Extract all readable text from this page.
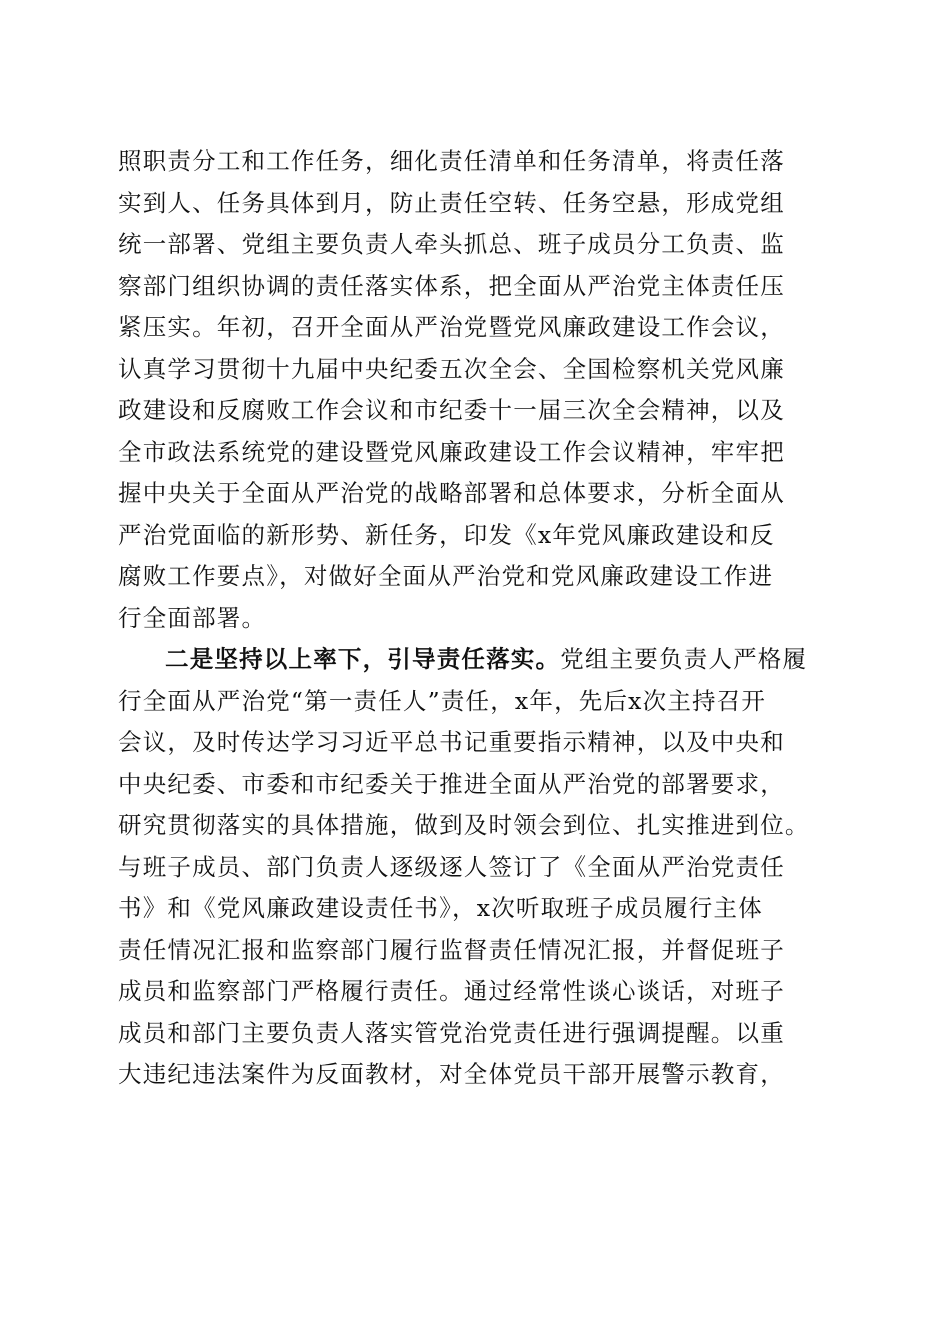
照职责分工和工作任务，细化责任清单和任务清单，将责任落
实到人、任务具体到月，防止责任空转、任务空悬，形成党组
统一部署、党组主要负责人牵头抓总、班子成员分工负责、监
察部门组织协调的责任落实体系，把全面从严治党主体责任压
紧压实。年初，召开全面从严治党暨党风廉政建设工作会议，
认真学习贯彻十九届中央纪委五次全会、全国检察机关党风廉
政建设和反腐败工作会议和市纪委十一届三次全会精神，以及
全市政法系统党的建设暨党风廉政建设工作会议精神，牢牢把
握中央关于全面从严治党的战略部署和总体要求，分析全面从
严治党面临的新形势、新任务，印发《x年党风廉政建设和反
腐败工作要点》，对做好全面从严治党和党风廉政建设工作进
行全面部署。
二是坚持以上率下，引导责任落实。党组主要负责人严格履
行全面从严治党“第一责任人”责任，x年，先后x次主持召开
会议，及时传达学习习近平总书记重要指示精神，以及中央和
中央纪委、市委和市纪委关于推进全面从严治党的部署要求，
研究贯彻落实的具体措施，做到及时领会到位、扎实推进到位。
与班子成员、部门负责人逐级逐人签订了《全面从严治党责任
书》和《党风廉政建设责任书》，x次听取班子成员履行主体
责任情况汇报和监察部门履行监督责任情况汇报，并督促班子
成员和监察部门严格履行责任。通过经常性谈心谈话，对班子
成员和部门主要负责人落实管党治党责任进行强调提醒。以重
大违纪违法案件为反面教材，对全体党员干部开展警示教育，
